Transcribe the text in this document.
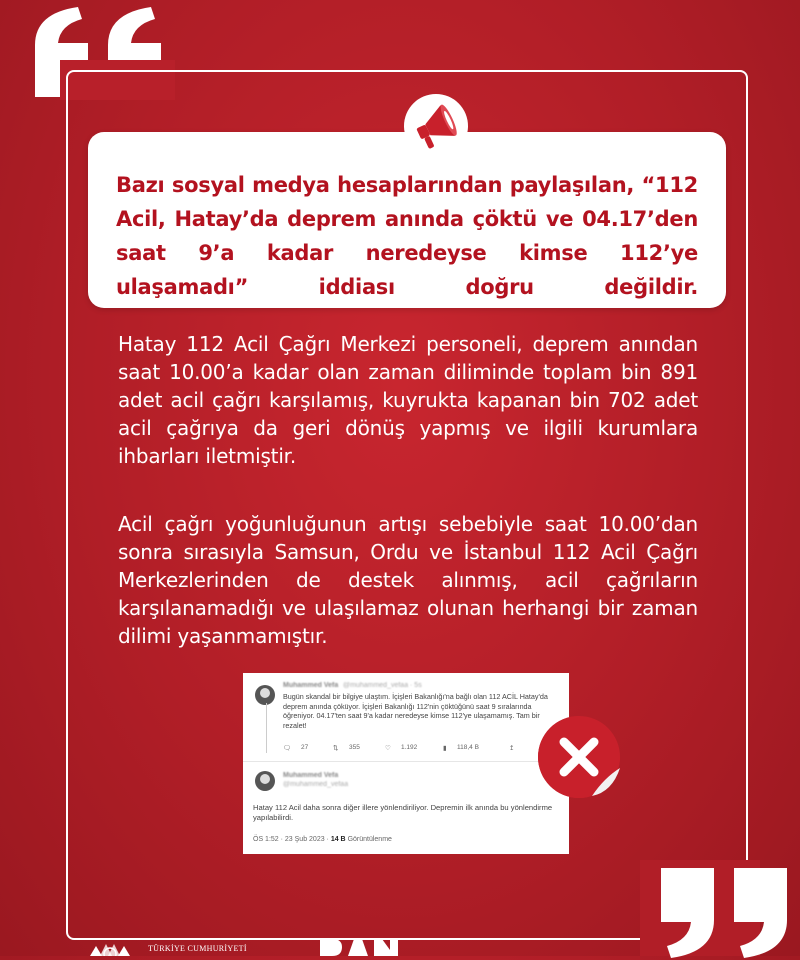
Bazı sosyal medya hesaplarından paylaşılan, “112 Acil, Hatay’da deprem anında çöktü ve 04.17’den saat 9’a kadar neredeyse kimse 112’ye ulaşamadı” iddiası doğru değildir.

Hatay 112 Acil Çağrı Merkezi personeli, deprem anından saat 10.00’a kadar olan zaman diliminde toplam bin 891 adet acil çağrı karşılamış, kuyrukta kapanan bin 702 adet acil çağrıya da geri dönüş yapmış ve ilgili kurumlara ihbarları iletmiştir.
Acil çağrı yoğunluğunun artışı sebebiyle saat 10.00’dan sonra sırasıyla Samsun, Ordu ve İstanbul 112 Acil Çağrı Merkezlerinden de destek alınmış, acil çağrıların karşılanamadığı ve ulaşılamaz olunan herhangi bir zaman dilimi yaşanmamıştır.
Muhammed Vefa @muhammed_vefaa · 5s
Bugün skandal bir bilgiye ulaştım. İçişleri Bakanlığı'na bağlı olan 112 ACİL Hatay'da deprem anında çöküyor. İçişleri Bakanlığı 112'nin çöktüğünü saat 9 sıralarında öğreniyor. 04.17'ten saat 9'a kadar neredeyse kimse 112'ye ulaşamamış. Tam bir rezalet!
🗨 27	⇅ 355	♡ 1.192	▮ 118,4 B	↥
Muhammed Vefa
@muhammed_vefaa
Hatay 112 Acil daha sonra diğer illere yönlendiriliyor. Depremin ilk anında bu yönlendirme yapılabilirdi.
ÖS 1:52 · 23 Şub 2023 · 14 B Görüntülenme
TÜRKİYE CUMHURİYETİ
